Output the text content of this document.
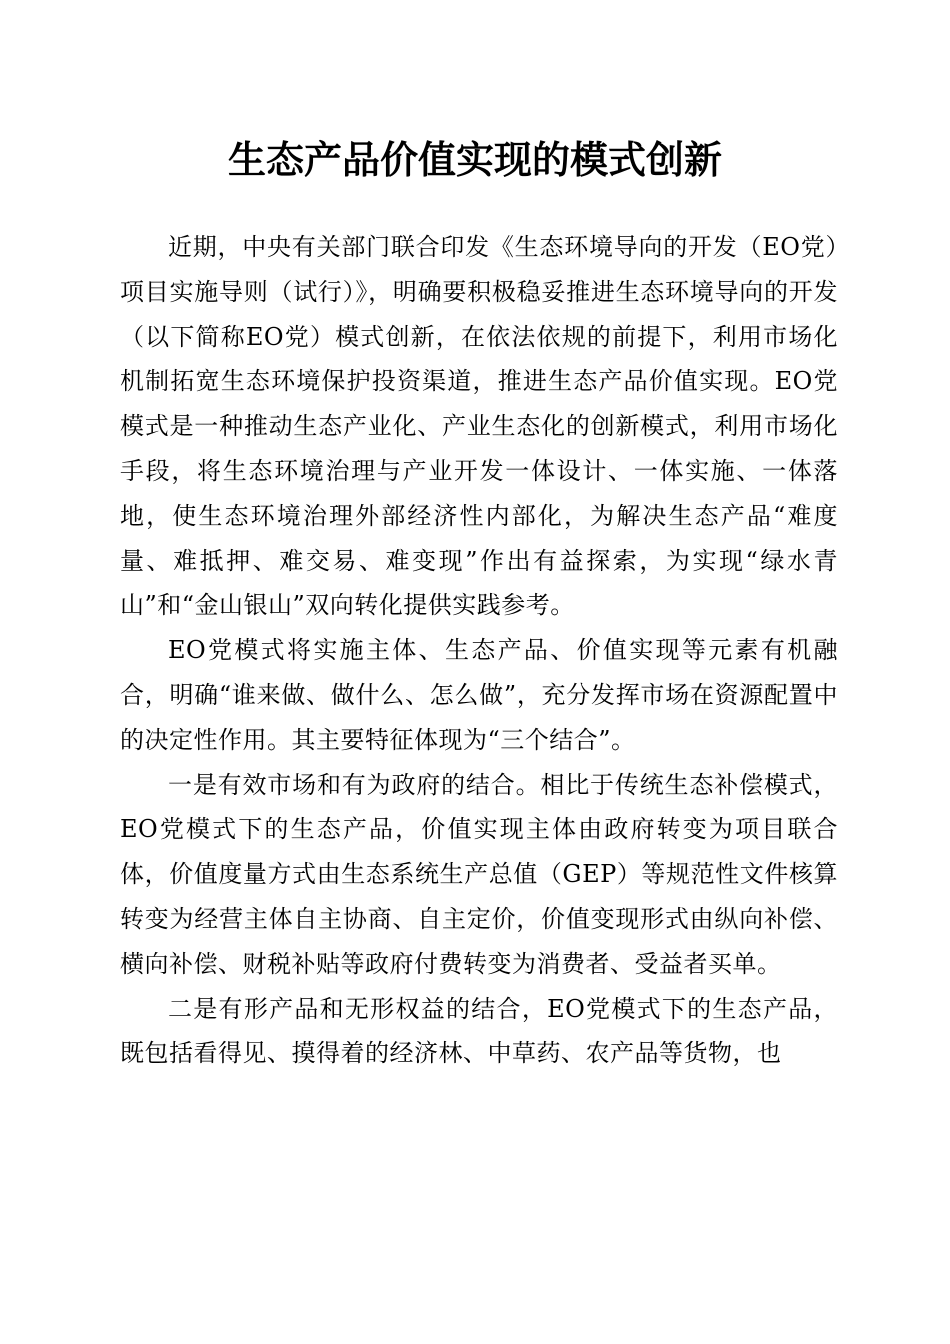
生态产品价值实现的模式创新

近期，中央有关部门联合印发《生态环境导向的开发（EO党）项目实施导则（试行）》，明确要积极稳妥推进生态环境导向的开发（以下简称EO党）模式创新，在依法依规的前提下，利用市场化机制拓宽生态环境保护投资渠道，推进生态产品价值实现。EO党模式是一种推动生态产业化、产业生态化的创新模式，利用市场化手段，将生态环境治理与产业开发一体设计、一体实施、一体落地，使生态环境治理外部经济性内部化，为解决生态产品“难度量、难抵押、难交易、难变现”作出有益探索，为实现“绿水青山”和“金山银山”双向转化提供实践参考。

EO党模式将实施主体、生态产品、价值实现等元素有机融合，明确“谁来做、做什么、怎么做”，充分发挥市场在资源配置中的决定性作用。其主要特征体现为“三个结合”。

一是有效市场和有为政府的结合。相比于传统生态补偿模式，EO党模式下的生态产品，价值实现主体由政府转变为项目联合体，价值度量方式由生态系统生产总值（GEP）等规范性文件核算转变为经营主体自主协商、自主定价，价值变现形式由纵向补偿、横向补偿、财税补贴等政府付费转变为消费者、受益者买单。

二是有形产品和无形权益的结合，EO党模式下的生态产品，既包括看得见、摸得着的经济林、中草药、农产品等货物，也
